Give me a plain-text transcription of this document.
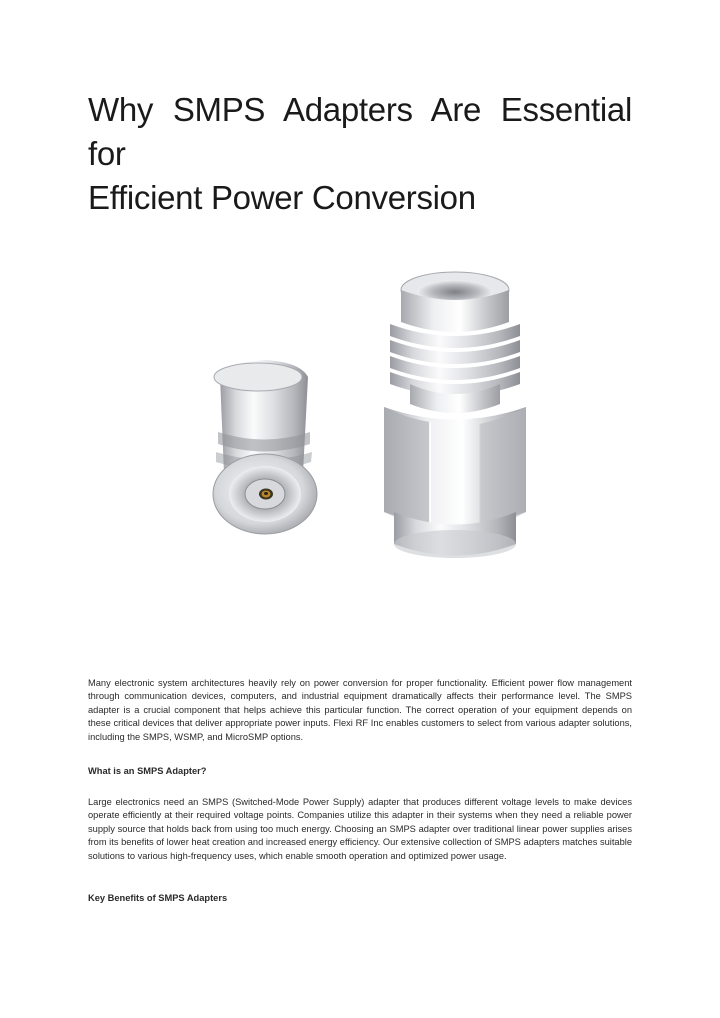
Why SMPS Adapters Are Essential for
Efficient Power Conversion

Many electronic system architectures heavily rely on power conversion for proper functionality. Efficient power flow management through communication devices, computers, and industrial equipment dramatically affects their performance level. The SMPS adapter is a crucial component that helps achieve this particular function. The correct operation of your equipment depends on these critical devices that deliver appropriate power inputs. Flexi RF Inc enables customers to select from various adapter solutions, including the SMPS, WSMP, and MicroSMP options.

What is an SMPS Adapter?

Large electronics need an SMPS (Switched-Mode Power Supply) adapter that produces different voltage levels to make devices operate efficiently at their required voltage points. Companies utilize this adapter in their systems when they need a reliable power supply source that holds back from using too much energy. Choosing an SMPS adapter over traditional linear power supplies arises from its benefits of lower heat creation and increased energy efficiency. Our extensive collection of SMPS adapters matches suitable solutions to various high-frequency uses, which enable smooth operation and optimized power usage.

Key Benefits of SMPS Adapters
